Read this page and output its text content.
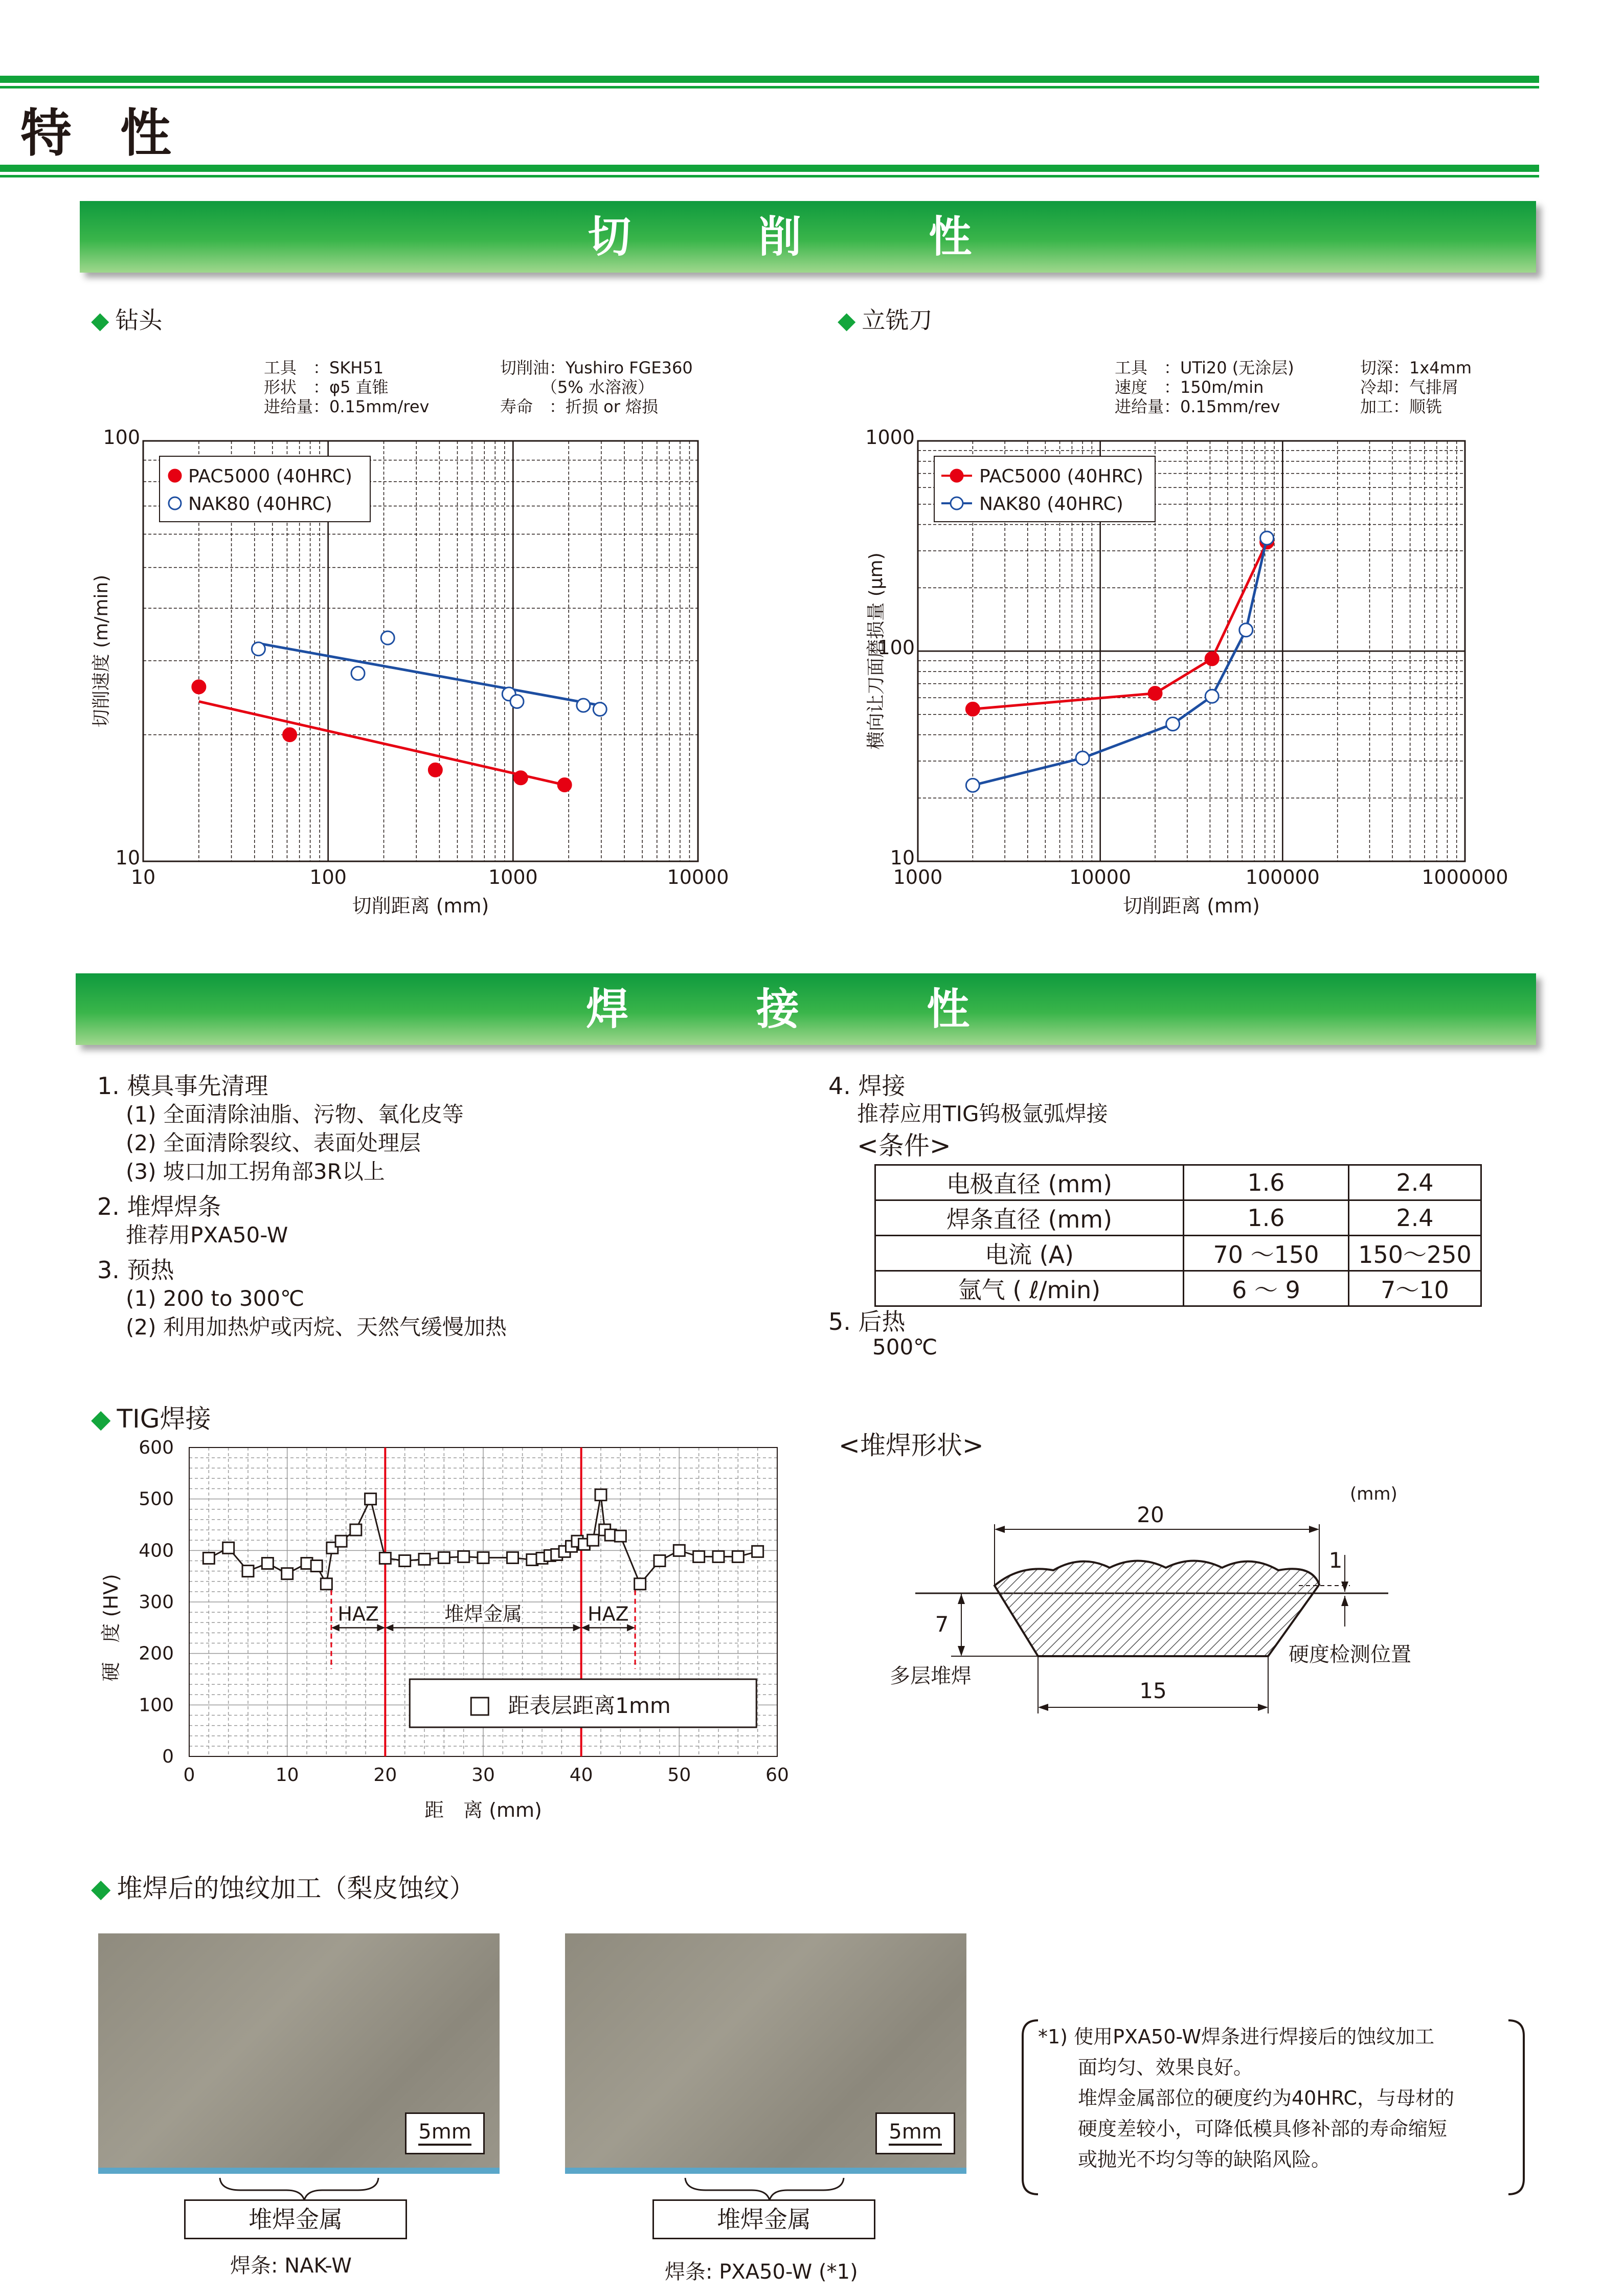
特 性
切 削 性
◆ 钻头
工具　：SKH51
形状　：φ5 直锥
进给量：0.15mm/rev
切削油：Yushiro FGE360
　　　（5% 水溶液）
寿命　：折损 or 熔损
◆ 立铣刀
工具　：UTi20 (无涂层)
速度　：150m/min
进给量：0.15mm/rev
切深：1x4mm
冷却：气排屑
加工：顺铣
10	100	1000	10000
10
100
切削距离 (mm)
切削速度 (m/min)
PAC5000 (40HRC)
NAK80 (40HRC)
1000	10000	100000	1000000
10
100
1000
切削距离 (mm)
横向让刀面磨损量 (μm)
PAC5000 (40HRC)
NAK80 (40HRC)
焊 接 性
1. 模具事先清理
(1) 全面清除油脂、污物、氧化皮等
(2) 全面清除裂纹、表面处理层
(3) 坡口加工拐角部3R以上
2. 堆焊焊条
推荐用PXA50-W
3. 预热
(1) 200 to 300℃
(2) 利用加热炉或丙烷、天然气缓慢加热
4. 焊接
推荐应用TIG钨极氩弧焊接
<条件>
电极直径 (mm)	1.6	2.4
焊条直径 (mm)	1.6	2.4
电流 (A)	70 ～150	150～250
氩气 ( ℓ/min)	6 ～ 9	7～10
5. 后热
500℃
◆ TIG焊接
0	10	20	30	40	50	60
0
100
200
300
400
500
600
距　离 (mm)
硬　度 (HV)	HAZ	堆焊金属	HAZ
距表层距离1mm
<堆焊形状>
(mm)
20
15
7
1
硬度检测位置
多层堆焊
◆ 堆焊后的蚀纹加工（梨皮蚀纹）
5mm	5mm
堆焊金属	堆焊金属
焊条: NAK-W	焊条: PXA50-W (*1)
*1) 使用PXA50-W焊条进行焊接后的蚀纹加工
面均匀、效果良好。
堆焊金属部位的硬度约为40HRC，与母材的
硬度差较小，可降低模具修补部的寿命缩短
或抛光不均匀等的缺陷风险。
